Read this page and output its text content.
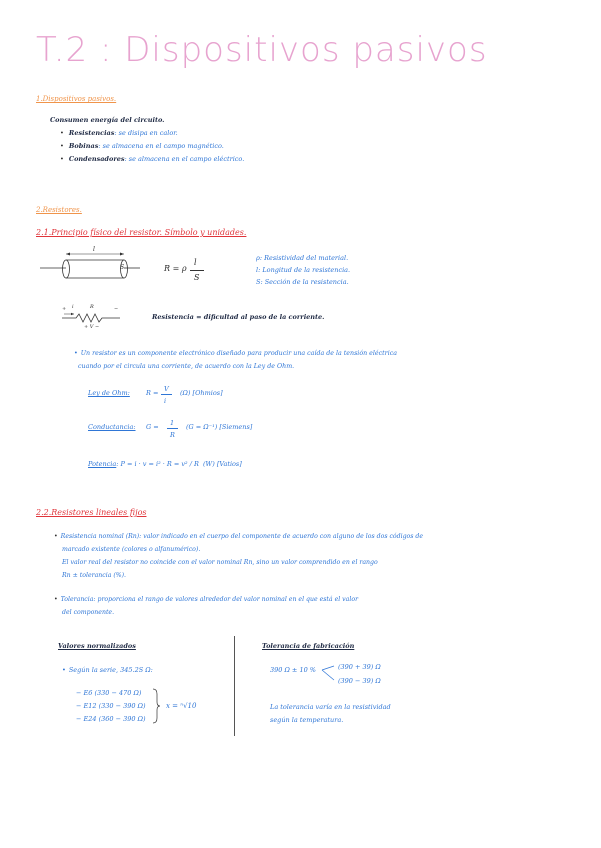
T.2 : Dispositivos pasivos
1.Dispositivos pasivos.
Consumen energía del circuito.
• Resistencias: se disipa en calor.
• Bobinas: se almacena en el campo magnético.
• Condensadores: se almacena en el campo eléctrico.
2.Resistores.
2.1.Principio físico del resistor. Símbolo y unidades.
l
S	R = ρ
l
S
ρ: Resistividad del material.
l: Longitud de la resistencia.
S: Sección de la resistencia.
+	−
i	R
+ V −
Resistencia = dificultad al paso de la corriente.
• Un resistor es un componente electrónico diseñado para producir una caída de la tensión eléctrica
cuando por el circula una corriente, de acuerdo con la Ley de Ohm.
Ley de Ohm: R = V
i
(Ω) [Ohmios]
Conductancia: G = 1
R
(G = Ω⁻¹) [Siemens]
Potencia: P = i · v = i² · R = v² / R (W) [Vatios]
2.2.Resistores lineales fijos
• Resistencia nominal (Rn): valor indicado en el cuerpo del componente de acuerdo con alguno de los dos códigos de
marcado existente (colores o alfanumérico).
El valor real del resistor no coincide con el valor nominal Rn, sino un valor comprendido en el rango
Rn ± tolerancia (%).
• Tolerancia: proporciona el rango de valores alrededor del valor nominal en el que está el valor
del componente.
Valores normalizados
• Según la serie, 345.2S Ω:
− E6 (330 − 470 Ω)
− E12 (330 − 390 Ω)
− E24 (360 − 390 Ω)
x = ⁿ√10
Tolerancia de fabricación
390 Ω ± 10 %	(390 + 39) Ω
(390 − 39) Ω
La tolerancia varía en la resistividad
según la temperatura.
